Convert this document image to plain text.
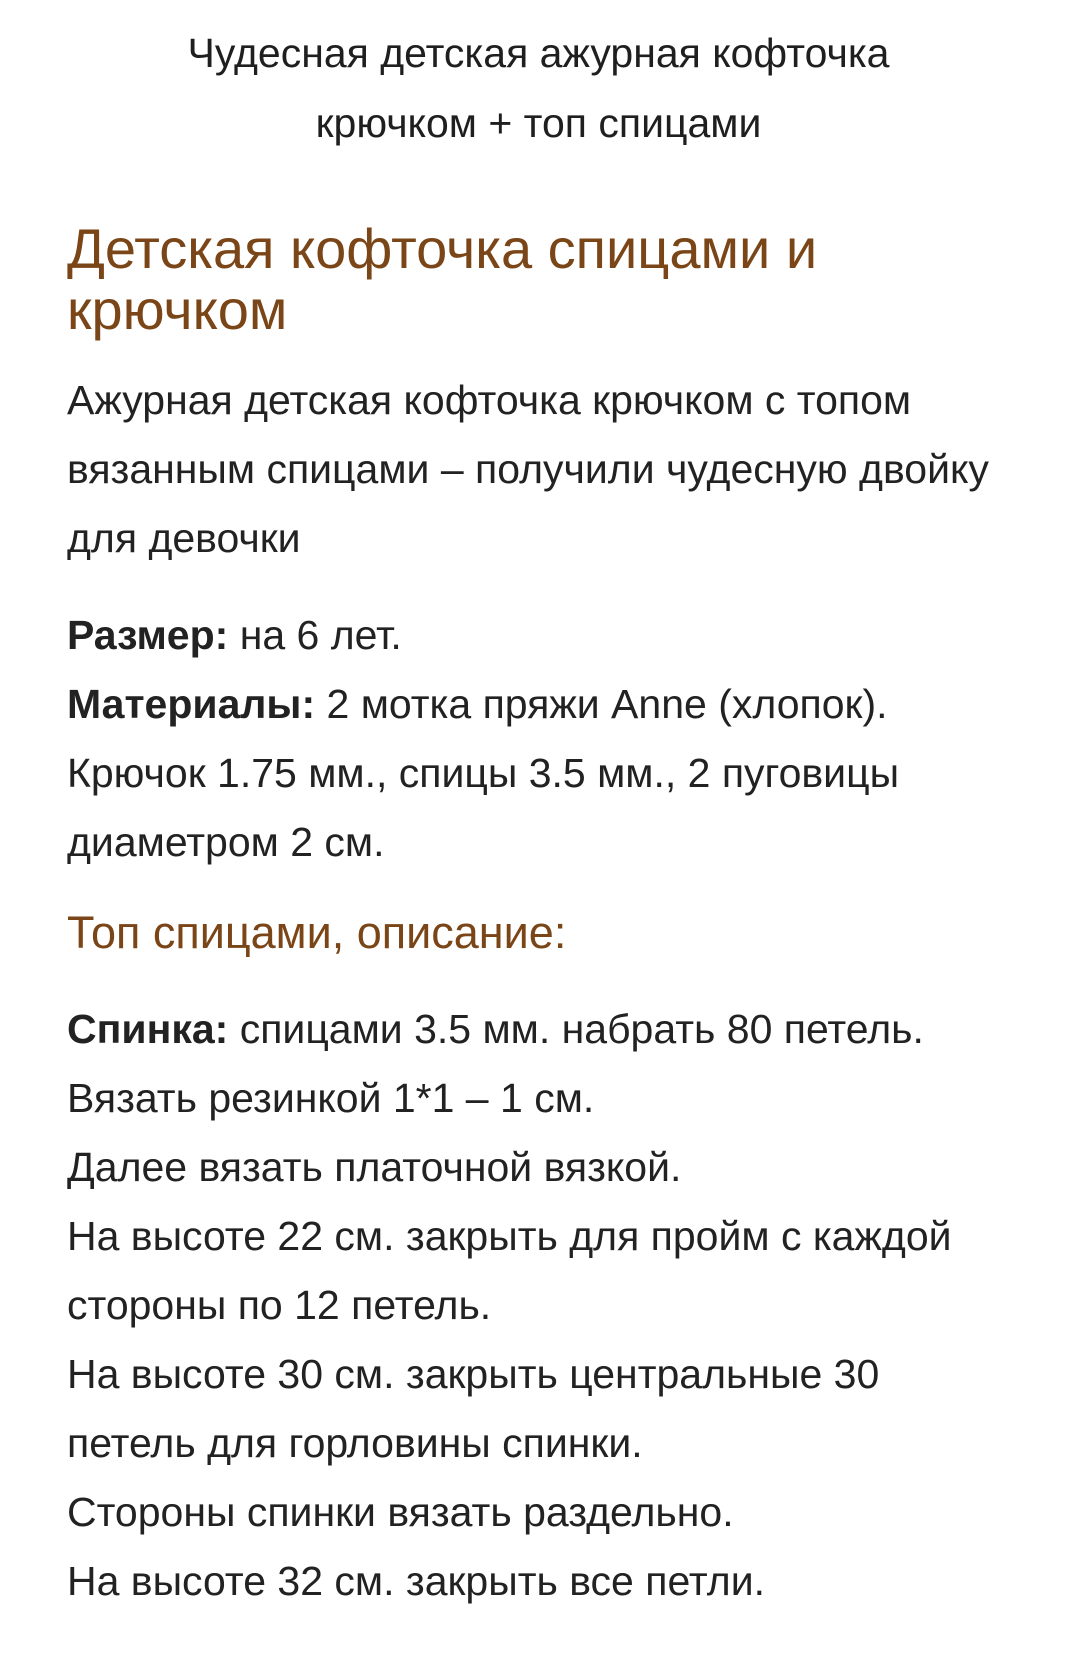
Чудесная детская ажурная кофточка крючком + топ спицами
Детская кофточка спицами и крючком

Ажурная детская кофточка крючком с топом вязанным спицами – получили чудесную двойку для девочки

Размер: на 6 лет.

Материалы: 2 мотка пряжи Anne (хлопок). Крючок 1.75 мм., спицы 3.5 мм., 2 пуговицы диаметром 2 см.

Топ спицами, описание:

Спинка: спицами 3.5 мм. набрать 80 петель.

Вязать резинкой 1*1 – 1 см.

Далее вязать платочной вязкой.

На высоте 22 см. закрыть для пройм с каждой стороны по 12 петель.

На высоте 30 см. закрыть центральные 30 петель для горловины спинки.

Стороны спинки вязать раздельно.

На высоте 32 см. закрыть все петли.
